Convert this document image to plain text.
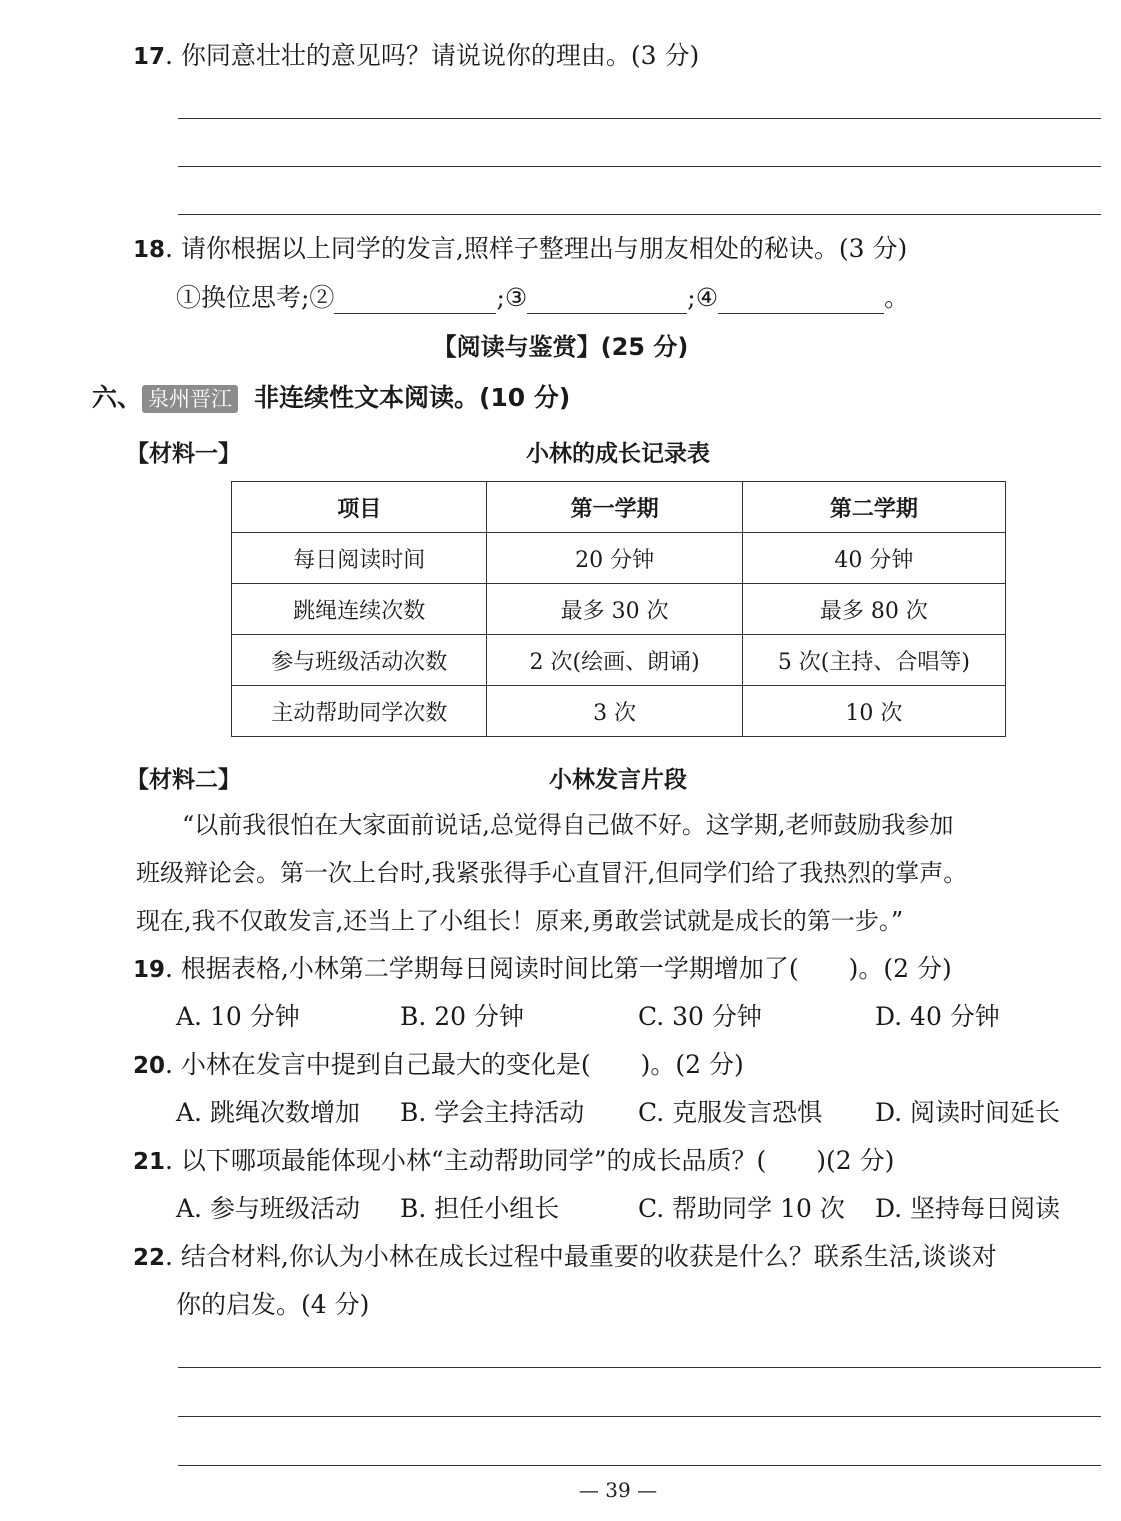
17. 你同意壮壮的意见吗？请说说你的理由。(3 分)
18. 请你根据以上同学的发言,照样子整理出与朋友相处的秘诀。(3 分)
①换位思考;②	;③	;④	。
【阅读与鉴赏】(25 分)
六、 泉州晋江 非连续性文本阅读。(10 分)
【材料一】	小林的成长记录表
项目	第一学期	第二学期
每日阅读时间	20 分钟	40 分钟
跳绳连续次数	最多 30 次	最多 80 次
参与班级活动次数	2 次(绘画、朗诵)	5 次(主持、合唱等)
主动帮助同学次数	3 次	10 次
【材料二】	小林发言片段
“以前我很怕在大家面前说话,总觉得自己做不好。这学期,老师鼓励我参加
班级辩论会。第一次上台时,我紧张得手心直冒汗,但同学们给了我热烈的掌声。
现在,我不仅敢发言,还当上了小组长！原来,勇敢尝试就是成长的第一步。”
19. 根据表格,小林第二学期每日阅读时间比第一学期增加了(　　)。(2 分)
A. 10 分钟	B. 20 分钟	C. 30 分钟	D. 40 分钟
20. 小林在发言中提到自己最大的变化是(　　)。(2 分)
A. 跳绳次数增加 B. 学会主持活动 C. 克服发言恐惧 D. 阅读时间延长
21. 以下哪项最能体现小林“主动帮助同学”的成长品质？(　　)(2 分)
A. 参与班级活动 B. 担任小组长	C. 帮助同学 10 次 D. 坚持每日阅读
22. 结合材料,你认为小林在成长过程中最重要的收获是什么？联系生活,谈谈对
你的启发。(4 分)
— 39 —
